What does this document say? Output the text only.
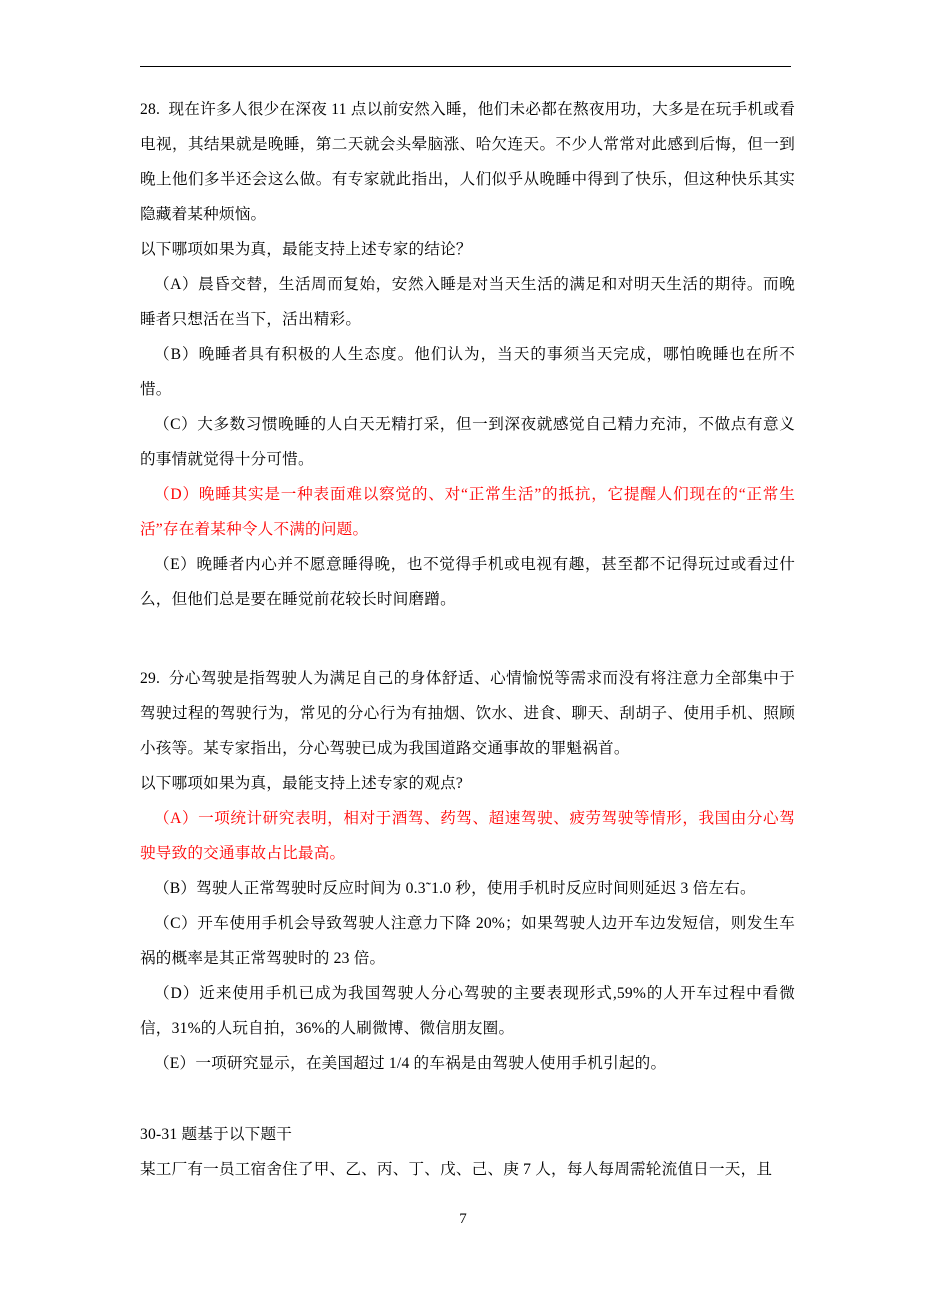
28. 现在许多人很少在深夜 11 点以前安然入睡，他们未必都在熬夜用功，大多是在玩手机或看电视，其结果就是晚睡，第二天就会头晕脑涨、哈欠连天。不少人常常对此感到后悔，但一到晚上他们多半还会这么做。有专家就此指出，人们似乎从晚睡中得到了快乐，但这种快乐其实隐藏着某种烦恼。

以下哪项如果为真，最能支持上述专家的结论？

（A）晨昏交替，生活周而复始，安然入睡是对当天生活的满足和对明天生活的期待。而晚睡者只想活在当下，活出精彩。

（B）晚睡者具有积极的人生态度。他们认为，当天的事须当天完成，哪怕晚睡也在所不惜。

（C）大多数习惯晚睡的人白天无精打采，但一到深夜就感觉自己精力充沛，不做点有意义的事情就觉得十分可惜。

（D）晚睡其实是一种表面难以察觉的、对“正常生活”的抵抗，它提醒人们现在的“正常生活”存在着某种令人不满的问题。

（E）晚睡者内心并不愿意睡得晚，也不觉得手机或电视有趣，甚至都不记得玩过或看过什么，但他们总是要在睡觉前花较长时间磨蹭。

29. 分心驾驶是指驾驶人为满足自己的身体舒适、心情愉悦等需求而没有将注意力全部集中于驾驶过程的驾驶行为，常见的分心行为有抽烟、饮水、进食、聊天、刮胡子、使用手机、照顾小孩等。某专家指出，分心驾驶已成为我国道路交通事故的罪魁祸首。

以下哪项如果为真，最能支持上述专家的观点?

（A）一项统计研究表明，相对于酒驾、药驾、超速驾驶、疲劳驾驶等情形，我国由分心驾驶导致的交通事故占比最高。

（B）驾驶人正常驾驶时反应时间为 0.3˜1.0 秒，使用手机时反应时间则延迟 3 倍左右。

（C）开车使用手机会导致驾驶人注意力下降 20%；如果驾驶人边开车边发短信，则发生车祸的概率是其正常驾驶时的 23 倍。

（D）近来使用手机已成为我国驾驶人分心驾驶的主要表现形式,59%的人开车过程中看微信，31%的人玩自拍，36%的人刷微博、微信朋友圈。

（E）一项研究显示，在美国超过 1/4 的车祸是由驾驶人使用手机引起的。

30-31 题基于以下题干

某工厂有一员工宿舍住了甲、乙、丙、丁、戊、己、庚 7 人，每人每周需轮流值日一天，且

7
